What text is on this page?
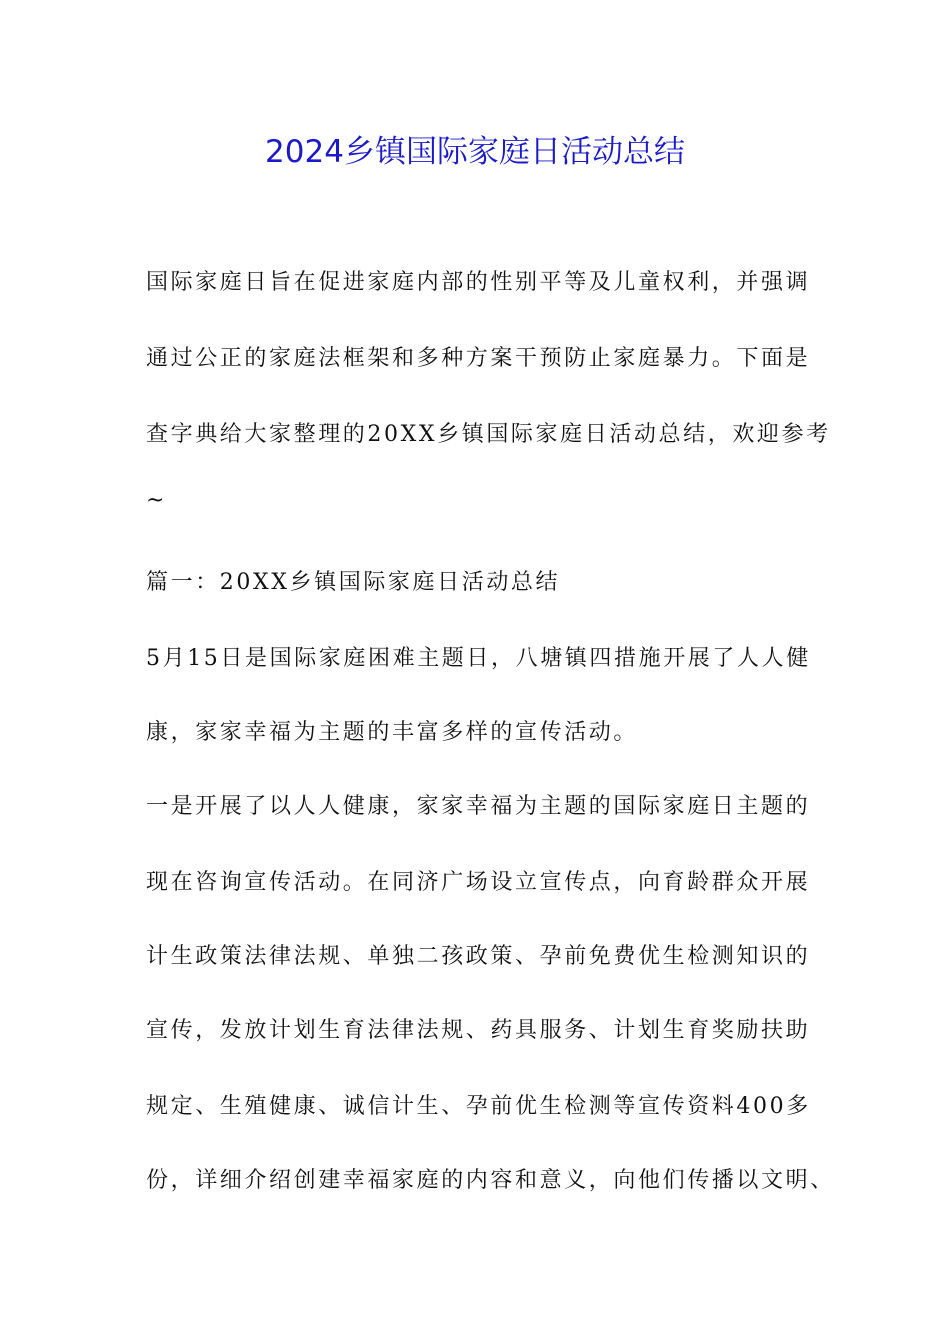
2024乡镇国际家庭日活动总结
国际家庭日旨在促进家庭内部的性别平等及儿童权利，并强调
通过公正的家庭法框架和多种方案干预防止家庭暴力。下面是
查字典给大家整理的20XX乡镇国际家庭日活动总结，欢迎参考
~
篇一：20XX乡镇国际家庭日活动总结
5月15日是国际家庭困难主题日，八塘镇四措施开展了人人健
康，家家幸福为主题的丰富多样的宣传活动。
一是开展了以人人健康，家家幸福为主题的国际家庭日主题的
现在咨询宣传活动。在同济广场设立宣传点，向育龄群众开展
计生政策法律法规、单独二孩政策、孕前免费优生检测知识的
宣传，发放计划生育法律法规、药具服务、计划生育奖励扶助
规定、生殖健康、诚信计生、孕前优生检测等宣传资料400多
份，详细介绍创建幸福家庭的内容和意义，向他们传播以文明、
